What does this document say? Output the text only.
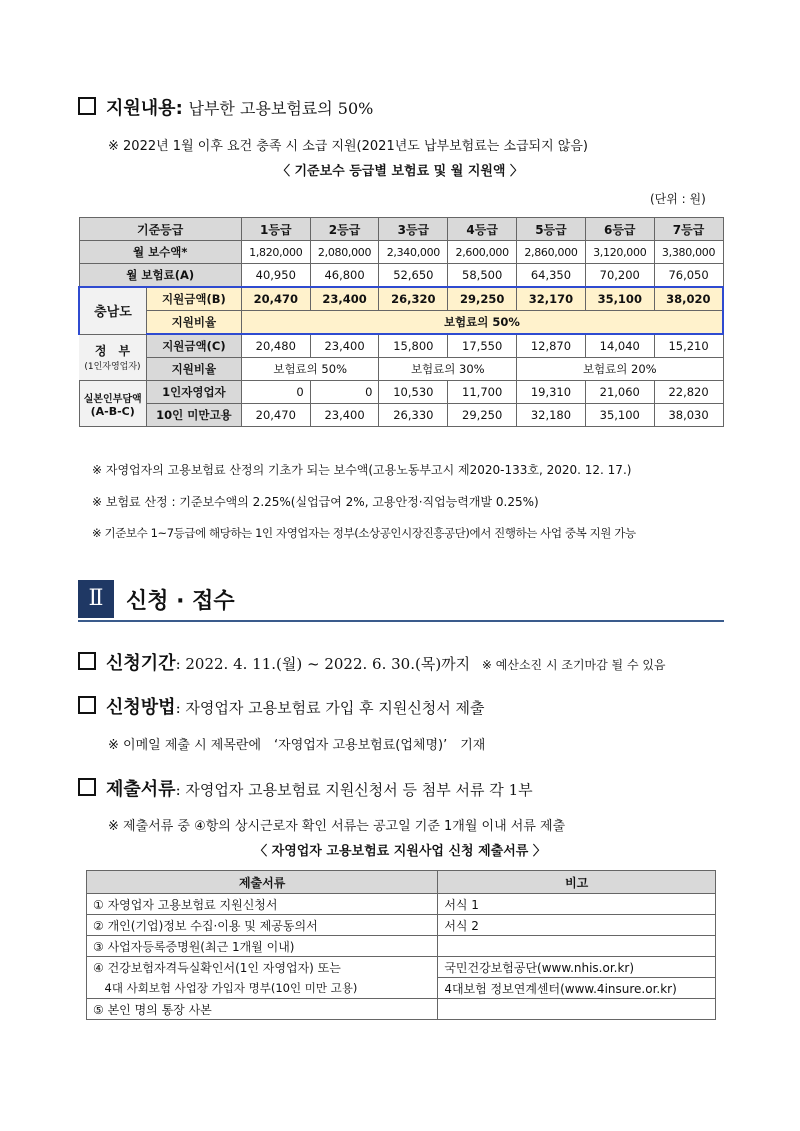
지원내용: 납부한 고용보험료의 50%
※ 2022년 1월 이후 요건 충족 시 소급 지원(2021년도 납부보험료는 소급되지 않음)
〈 기준보수 등급별 보험료 및 월 지원액 〉
(단위 : 원)
기준등급		1등급	2등급	3등급	4등급	5등급	6등급	7등급
월 보수액*		1,820,000	2,080,000	2,340,000	2,600,000	2,860,000	3,120,000	3,380,000
월 보험료(A)		40,950	46,800	52,650	58,500	64,350	70,200	76,050
충남도	지원금액(B)	20,470	23,400	26,320	29,250	32,170	35,100	38,020
	지원비율	보험료의 50%						

정　부
(1인자영업자)	지원금액(C)	20,480	23,400	15,800	17,550	12,870	14,040	15,210
	지원비율	보험료의 50%		보험료의 30%		보험료의 20%		

실본인부담액
(A-B-C)	1인자영업자	0	0	10,530	11,700	19,310	21,060	22,820
	10인 미만고용	20,470	23,400	26,330	29,250	32,180	35,100	38,030
※ 자영업자의 고용보험료 산정의 기초가 되는 보수액(고용노동부고시 제2020-133호, 2020. 12. 17.)
※ 보험료 산정 : 기준보수액의 2.25%(실업급여 2%, 고용안정·직업능력개발 0.25%)
※ 기준보수 1~7등급에 해당하는 1인 자영업자는 정부(소상공인시장진흥공단)에서 진행하는 사업 중복 지원 가능
Ⅱ	신청 · 접수
신청기간: 2022. 4. 11.(월) ~ 2022. 6. 30.(목)까지 ※ 예산소진 시 조기마감 될 수 있음
신청방법: 자영업자 고용보험료 가입 후 지원신청서 제출
※ 이메일 제출 시 제목란에　‘자영업자 고용보험료(업체명)’　기재
제출서류: 자영업자 고용보험료 지원신청서 등 첨부 서류 각 1부
※ 제출서류 중 ④항의 상시근로자 확인 서류는 공고일 기준 1개월 이내 서류 제출
〈 자영업자 고용보험료 지원사업 신청 제출서류 〉
제출서류	비고
① 자영업자 고용보험료 지원신청서	서식 1
② 개인(기업)정보 수집·이용 및 제공동의서	서식 2
③ 사업자등록증명원(최근 1개월 이내)	
④ 건강보험자격득실확인서(1인 자영업자) 또는	국민건강보험공단(www.nhis.or.kr)
　4대 사회보험 사업장 가입자 명부(10인 미만 고용)	4대보험 정보연계센터(www.4insure.or.kr)
⑤ 본인 명의 통장 사본	
